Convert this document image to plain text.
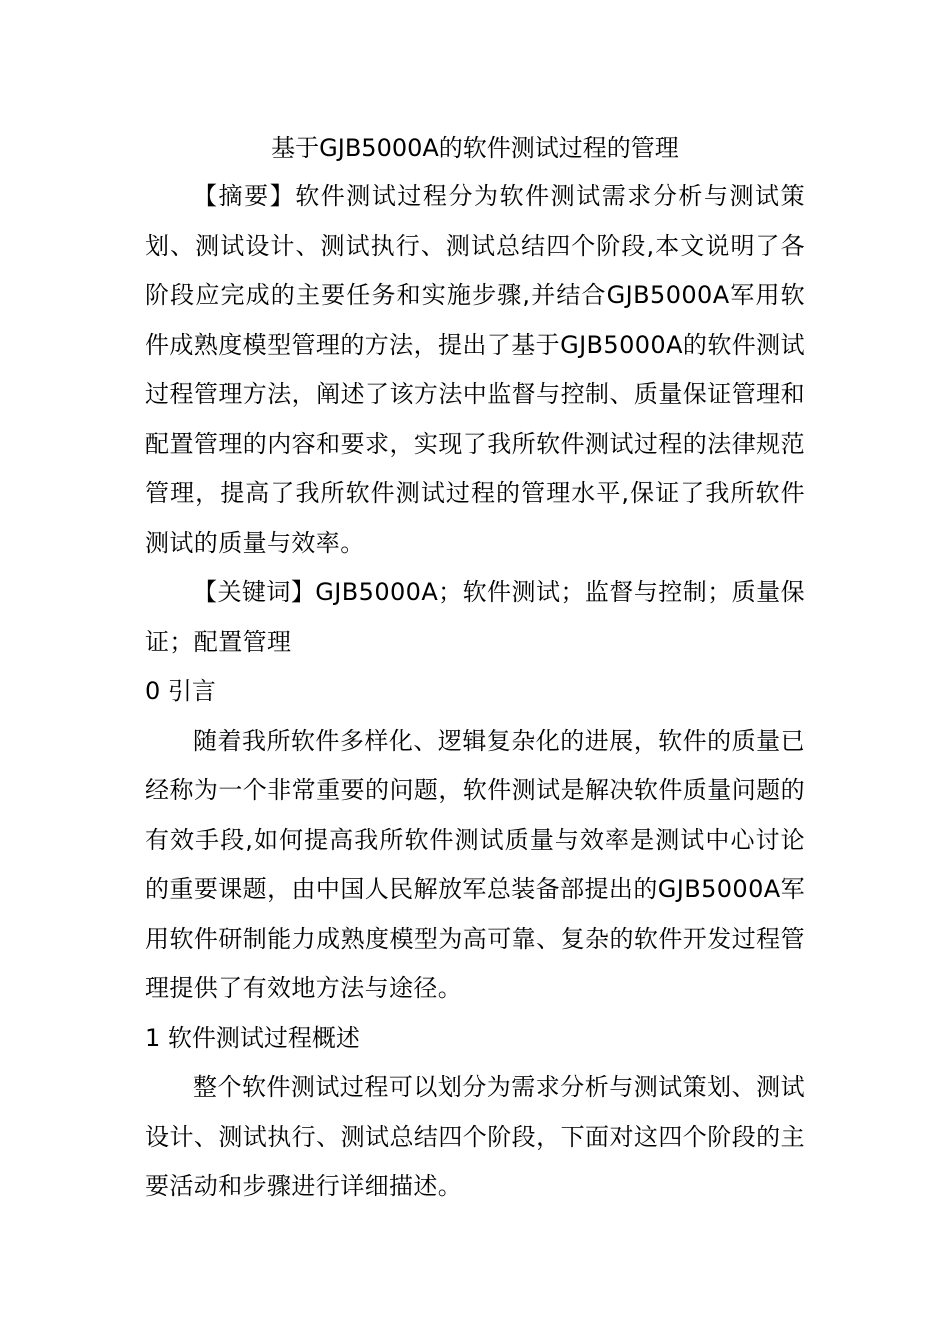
基于GJB5000A的软件测试过程的管理

【摘要】软件测试过程分为软件测试需求分析与测试策划、测试设计、测试执行、测试总结四个阶段,本文说明了各阶段应完成的主要任务和实施步骤,并结合GJB5000A军用软件成熟度模型管理的方法，提出了基于GJB5000A的软件测试过程管理方法，阐述了该方法中监督与控制、质量保证管理和配置管理的内容和要求，实现了我所软件测试过程的法律规范管理，提高了我所软件测试过程的管理水平,保证了我所软件测试的质量与效率。

【关键词】GJB5000A；软件测试；监督与控制；质量保证；配置管理

0 引言

随着我所软件多样化、逻辑复杂化的进展，软件的质量已经称为一个非常重要的问题，软件测试是解决软件质量问题的有效手段,如何提高我所软件测试质量与效率是测试中心讨论的重要课题，由中国人民解放军总装备部提出的GJB5000A军用软件研制能力成熟度模型为高可靠、复杂的软件开发过程管理提供了有效地方法与途径。

1 软件测试过程概述

整个软件测试过程可以划分为需求分析与测试策划、测试设计、测试执行、测试总结四个阶段，下面对这四个阶段的主要活动和步骤进行详细描述。
